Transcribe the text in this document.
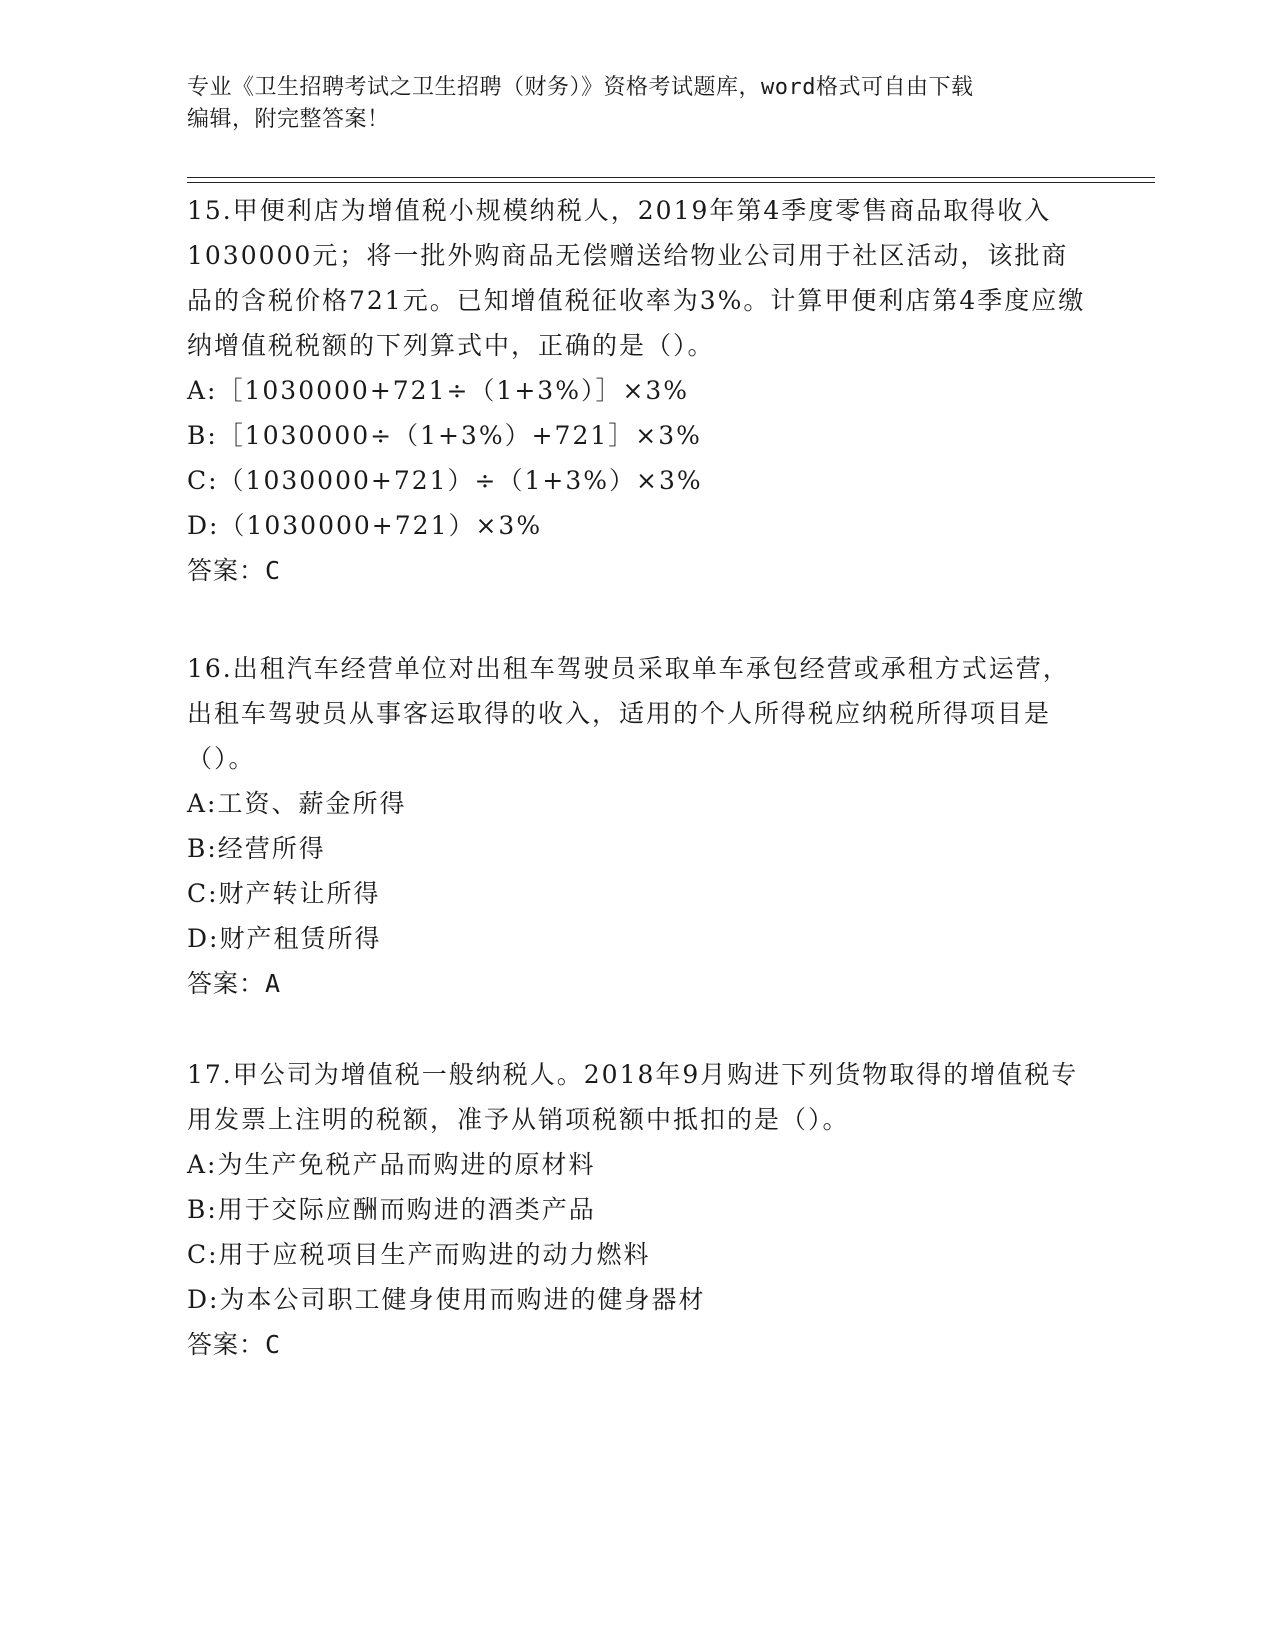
专业《卫生招聘考试之卫生招聘（财务）》资格考试题库，word格式可自由下载
编辑，附完整答案！

15.甲便利店为增值税小规模纳税人，2019年第4季度零售商品取得收入1030000元；将一批外购商品无偿赠送给物业公司用于社区活动，该批商品的含税价格721元。已知增值税征收率为3%。计算甲便利店第4季度应缴纳增值税税额的下列算式中，正确的是（）。

A:［1030000+721÷（1+3%）］×3%

B:［1030000÷（1+3%）+721］×3%

C:（1030000+721）÷（1+3%）×3%

D:（1030000+721）×3%

答案：C

16.出租汽车经营单位对出租车驾驶员采取单车承包经营或承租方式运营，出租车驾驶员从事客运取得的收入，适用的个人所得税应纳税所得项目是（）。

A:工资、薪金所得

B:经营所得

C:财产转让所得

D:财产租赁所得

答案：A

17.甲公司为增值税一般纳税人。2018年9月购进下列货物取得的增值税专用发票上注明的税额，准予从销项税额中抵扣的是（）。

A:为生产免税产品而购进的原材料

B:用于交际应酬而购进的酒类产品

C:用于应税项目生产而购进的动力燃料

D:为本公司职工健身使用而购进的健身器材

答案：C
